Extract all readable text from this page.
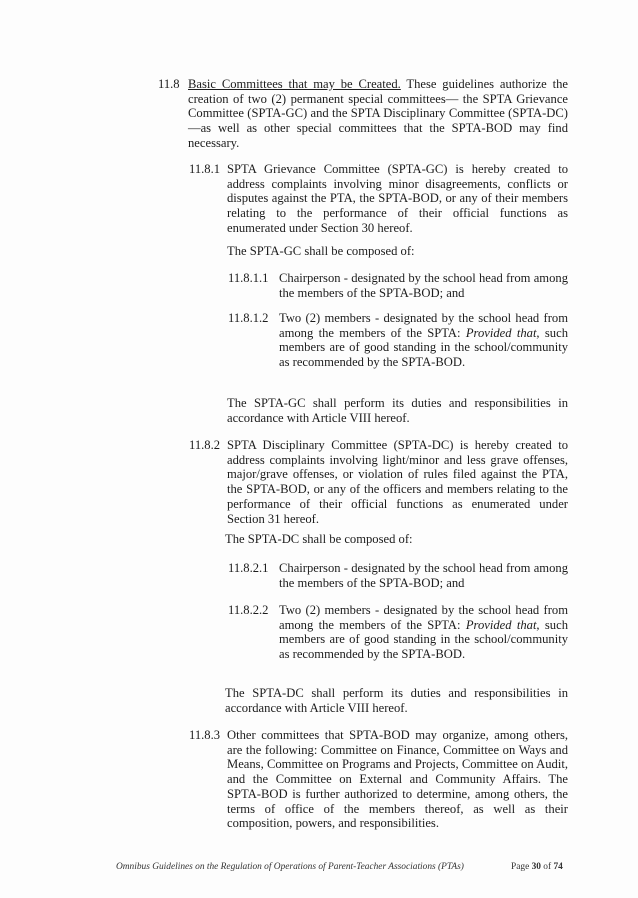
11.8 Basic Committees that may be Created. These guidelines authorize the creation of two (2) permanent special committees— the SPTA Grievance Committee (SPTA-GC) and the SPTA Disciplinary Committee (SPTA-DC)—as well as other special committees that the SPTA-BOD may find necessary.
11.8.1 SPTA Grievance Committee (SPTA-GC) is hereby created to address complaints involving minor disagreements, conflicts or disputes against the PTA, the SPTA-BOD, or any of their members relating to the performance of their official functions as enumerated under Section 30 hereof.
The SPTA-GC shall be composed of:
11.8.1.1 Chairperson - designated by the school head from among the members of the SPTA-BOD; and
11.8.1.2 Two (2) members - designated by the school head from among the members of the SPTA: Provided that, such members are of good standing in the school/community as recommended by the SPTA-BOD.
The SPTA-GC shall perform its duties and responsibilities in accordance with Article VIII hereof.
11.8.2 SPTA Disciplinary Committee (SPTA-DC) is hereby created to address complaints involving light/minor and less grave offenses, major/grave offenses, or violation of rules filed against the PTA, the SPTA-BOD, or any of the officers and members relating to the performance of their official functions as enumerated under Section 31 hereof.
The SPTA-DC shall be composed of:
11.8.2.1 Chairperson - designated by the school head from among the members of the SPTA-BOD; and
11.8.2.2 Two (2) members - designated by the school head from among the members of the SPTA: Provided that, such members are of good standing in the school/community as recommended by the SPTA-BOD.
The SPTA-DC shall perform its duties and responsibilities in accordance with Article VIII hereof.
11.8.3 Other committees that SPTA-BOD may organize, among others, are the following: Committee on Finance, Committee on Ways and Means, Committee on Programs and Projects, Committee on Audit, and the Committee on External and Community Affairs. The SPTA-BOD is further authorized to determine, among others, the terms of office of the members thereof, as well as their composition, powers, and responsibilities.
Omnibus Guidelines on the Regulation of Operations of Parent-Teacher Associations (PTAs)	Page 30 of 74
